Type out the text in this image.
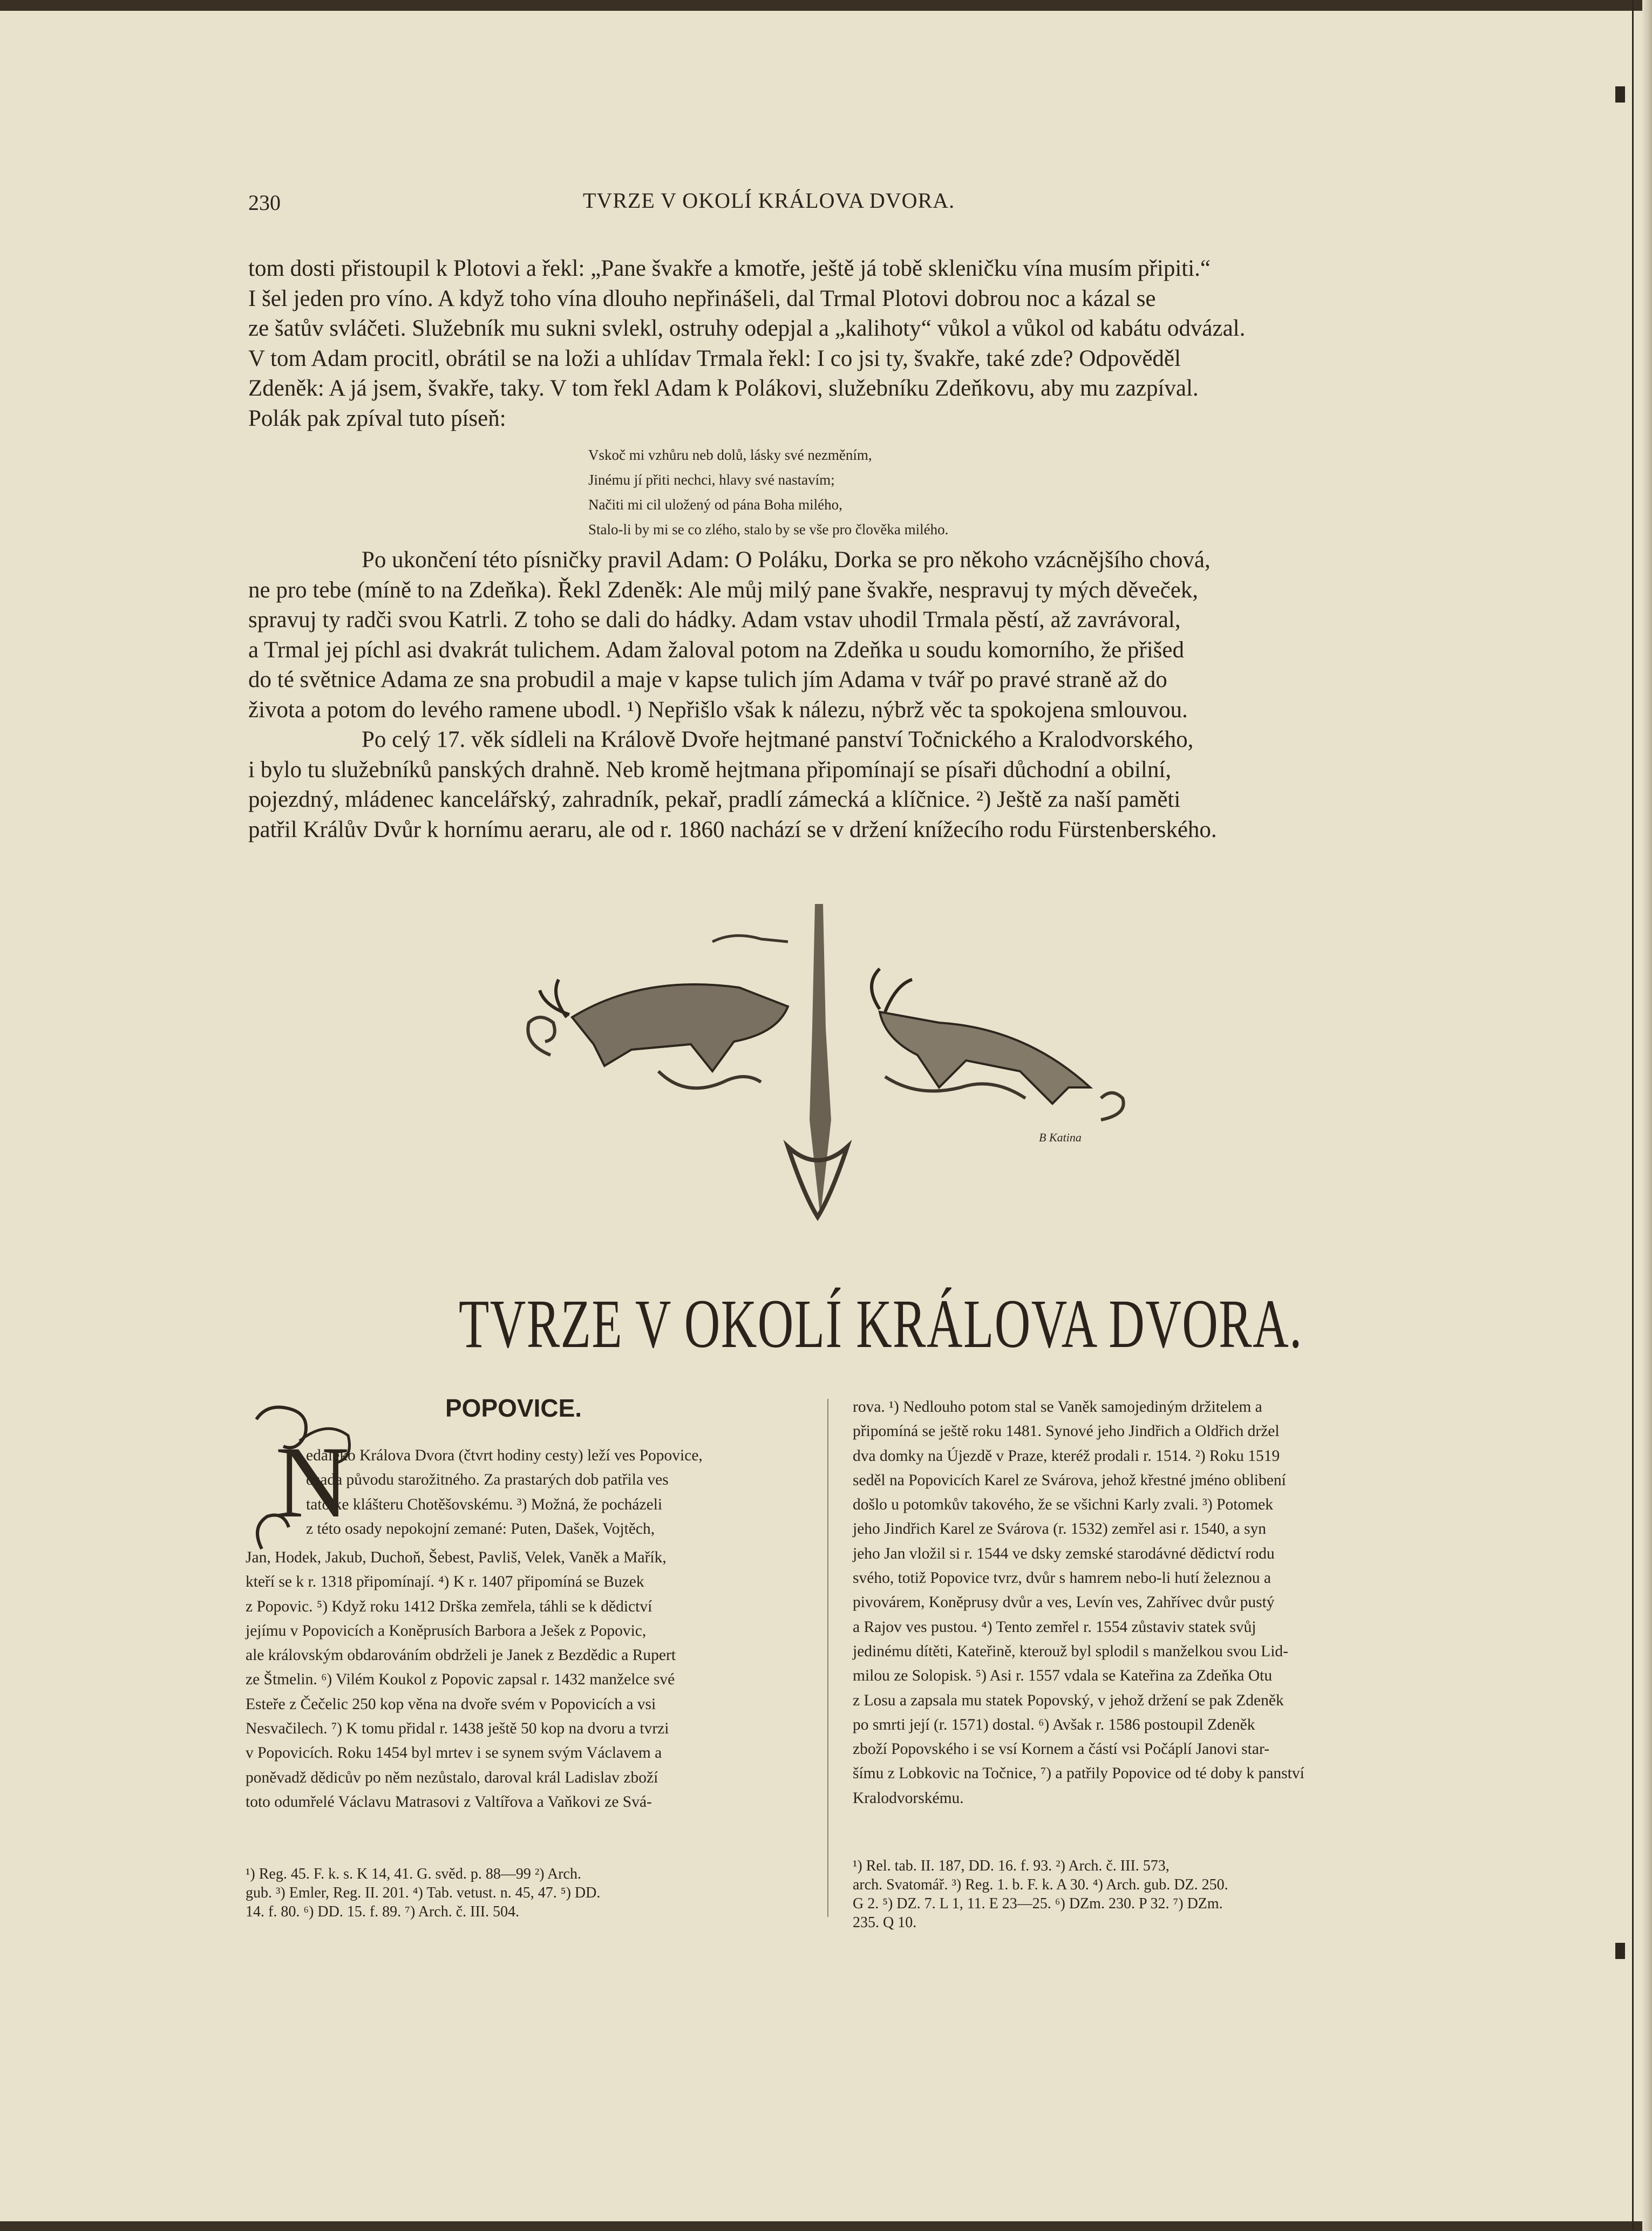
230	TVRZE V OKOLÍ KRÁLOVA DVORA.

tom dosti přistoupil k Plotovi a řekl: „Pane švakře a kmotře, ještě já tobě skleničku vína musím připiti.“

I šel jeden pro víno. A když toho vína dlouho nepřinášeli, dal Trmal Plotovi dobrou noc a kázal se

ze šatův svláčeti. Služebník mu sukni svlekl, ostruhy odepjal a „kalihoty“ vůkol a vůkol od kabátu odvázal.

V tom Adam procitl, obrátil se na loži a uhlídav Trmala řekl: I co jsi ty, švakře, také zde? Odpověděl

Zdeněk: A já jsem, švakře, taky. V tom řekl Adam k Polákovi, služebníku Zdeňkovu, aby mu zazpíval.

Polák pak zpíval tuto píseň:

Vskoč mi vzhůru neb dolů, lásky své nezměním,

Jinému jí přiti nechci, hlavy své nastavím;

Načiti mi cil uložený od pána Boha milého,

Stalo-li by mi se co zlého, stalo by se vše pro člověka milého.

Po ukončení této písničky pravil Adam: O Poláku, Dorka se pro někoho vzácnějšího chová,

ne pro tebe (míně to na Zdeňka). Řekl Zdeněk: Ale můj milý pane švakře, nespravuj ty mých děveček,

spravuj ty radči svou Katrli. Z toho se dali do hádky. Adam vstav uhodil Trmala pěstí, až zavrávoral,

a Trmal jej píchl asi dvakrát tulichem. Adam žaloval potom na Zdeňka u soudu komorního, že přišed

do té světnice Adama ze sna probudil a maje v kapse tulich jím Adama v tvář po pravé straně až do

života a potom do levého ramene ubodl. ¹) Nepřišlo však k nálezu, nýbrž věc ta spokojena smlouvou.

Po celý 17. věk sídleli na Králově Dvoře hejtmané panství Točnického a Kralodvorského,

i bylo tu služebníků panských drahně. Neb kromě hejtmana připomínají se písaři důchodní a obilní,

pojezdný, mládenec kancelářský, zahradník, pekař, pradlí zámecká a klíčnice. ²) Ještě za naší paměti

patřil Králův Dvůr k hornímu aeraru, ale od r. 1860 nachází se v držení knížecího rodu Fürstenberského.

B Katina
TVRZE V OKOLÍ KRÁLOVA DVORA.
N
POPOVICE.

edaleko Králova Dvora (čtvrt hodiny cesty) leží ves Popovice,

osada původu starožitného. Za prastarých dob patřila ves

tato ke klášteru Chotěšovskému. ³) Možná, že pocházeli

z této osady nepokojní zemané: Puten, Dašek, Vojtěch,

Jan, Hodek, Jakub, Duchoň, Šebest, Pavliš, Velek, Vaněk a Mařík,

kteří se k r. 1318 připomínají. ⁴) K r. 1407 připomíná se Buzek

z Popovic. ⁵) Když roku 1412 Drška zemřela, táhli se k dědictví

jejímu v Popovicích a Koněprusích Barbora a Ješek z Popovic,

ale královským obdarováním obdrželi je Janek z Bezdědic a Rupert

ze Štmelin. ⁶) Vilém Koukol z Popovic zapsal r. 1432 manželce své

Esteře z Čečelic 250 kop věna na dvoře svém v Popovicích a vsi

Nesvačilech. ⁷) K tomu přidal r. 1438 ještě 50 kop na dvoru a tvrzi

v Popovicích. Roku 1454 byl mrtev i se synem svým Václavem a

poněvadž dědicův po něm nezůstalo, daroval král Ladislav zboží

toto odumřelé Václavu Matrasovi z Valtířova a Vaňkovi ze Svá-

rova. ¹) Nedlouho potom stal se Vaněk samojediným držitelem a

připomíná se ještě roku 1481. Synové jeho Jindřich a Oldřich držel

dva domky na Újezdě v Praze, kteréž prodali r. 1514. ²) Roku 1519

seděl na Popovicích Karel ze Svárova, jehož křestné jméno oblibení

došlo u potomkův takového, že se všichni Karly zvali. ³) Potomek

jeho Jindřich Karel ze Svárova (r. 1532) zemřel asi r. 1540, a syn

jeho Jan vložil si r. 1544 ve dsky zemské starodávné dědictví rodu

svého, totiž Popovice tvrz, dvůr s hamrem nebo-li hutí železnou a

pivovárem, Koněprusy dvůr a ves, Levín ves, Zahřívec dvůr pustý

a Rajov ves pustou. ⁴) Tento zemřel r. 1554 zůstaviv statek svůj

jedinému dítěti, Kateřině, kterouž byl splodil s manželkou svou Lid-

milou ze Solopisk. ⁵) Asi r. 1557 vdala se Kateřina za Zdeňka Otu

z Losu a zapsala mu statek Popovský, v jehož držení se pak Zdeněk

po smrti její (r. 1571) dostal. ⁶) Avšak r. 1586 postoupil Zdeněk

zboží Popovského i se vsí Kornem a částí vsi Počáplí Janovi star-

šímu z Lobkovic na Točnice, ⁷) a patřily Popovice od té doby k panství

Kralodvorskému.

¹) Reg. 45. F. k. s. K 14, 41. G. svěd. p. 88—99 ²) Arch.
gub. ³) Emler, Reg. II. 201. ⁴) Tab. vetust. n. 45, 47. ⁵) DD.
14. f. 80. ⁶) DD. 15. f. 89. ⁷) Arch. č. III. 504.
¹) Rel. tab. II. 187, DD. 16. f. 93. ²) Arch. č. III. 573,
arch. Svatomář. ³) Reg. 1. b. F. k. A 30. ⁴) Arch. gub. DZ. 250.
G 2. ⁵) DZ. 7. L 1, 11. E 23—25. ⁶) DZm. 230. P 32. ⁷) DZm.
235. Q 10.
